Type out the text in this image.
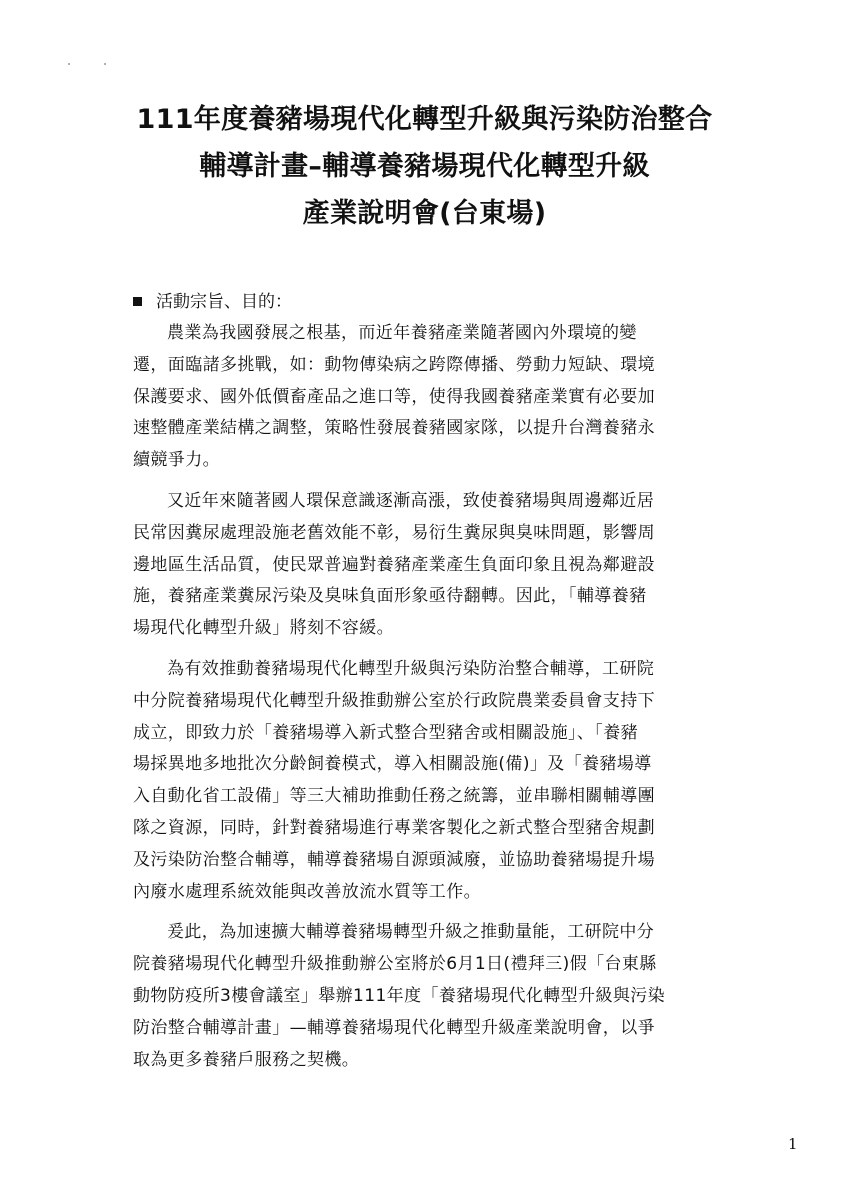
111年度養豬場現代化轉型升級與污染防治整合
輔導計畫–輔導養豬場現代化轉型升級
產業說明會(台東場)
活動宗旨、目的：

農業為我國發展之根基，而近年養豬產業隨著國內外環境的變
遷，面臨諸多挑戰，如：動物傳染病之跨際傳播、勞動力短缺、環境
保護要求、國外低價畜產品之進口等，使得我國養豬產業實有必要加
速整體產業結構之調整，策略性發展養豬國家隊，以提升台灣養豬永
續競爭力。

又近年來隨著國人環保意識逐漸高漲，致使養豬場與周邊鄰近居
民常因糞尿處理設施老舊效能不彰，易衍生糞尿與臭味問題，影響周
邊地區生活品質，使民眾普遍對養豬產業產生負面印象且視為鄰避設
施，養豬產業糞尿污染及臭味負面形象亟待翻轉。因此，「輔導養豬
場現代化轉型升級」將刻不容緩。

為有效推動養豬場現代化轉型升級與污染防治整合輔導，工研院
中分院養豬場現代化轉型升級推動辦公室於行政院農業委員會支持下
成立，即致力於「養豬場導入新式整合型豬舍或相關設施」、「養豬
場採異地多地批次分齡飼養模式，導入相關設施(備)」及「養豬場導
入自動化省工設備」等三大補助推動任務之統籌，並串聯相關輔導團
隊之資源，同時，針對養豬場進行專業客製化之新式整合型豬舍規劃
及污染防治整合輔導，輔導養豬場自源頭減廢，並協助養豬場提升場
內廢水處理系統效能與改善放流水質等工作。

爰此，為加速擴大輔導養豬場轉型升級之推動量能，工研院中分
院養豬場現代化轉型升級推動辦公室將於6月1日(禮拜三)假「台東縣
動物防疫所3樓會議室」舉辦111年度「養豬場現代化轉型升級與污染
防治整合輔導計畫」—輔導養豬場現代化轉型升級產業說明會，以爭
取為更多養豬戶服務之契機。

1
